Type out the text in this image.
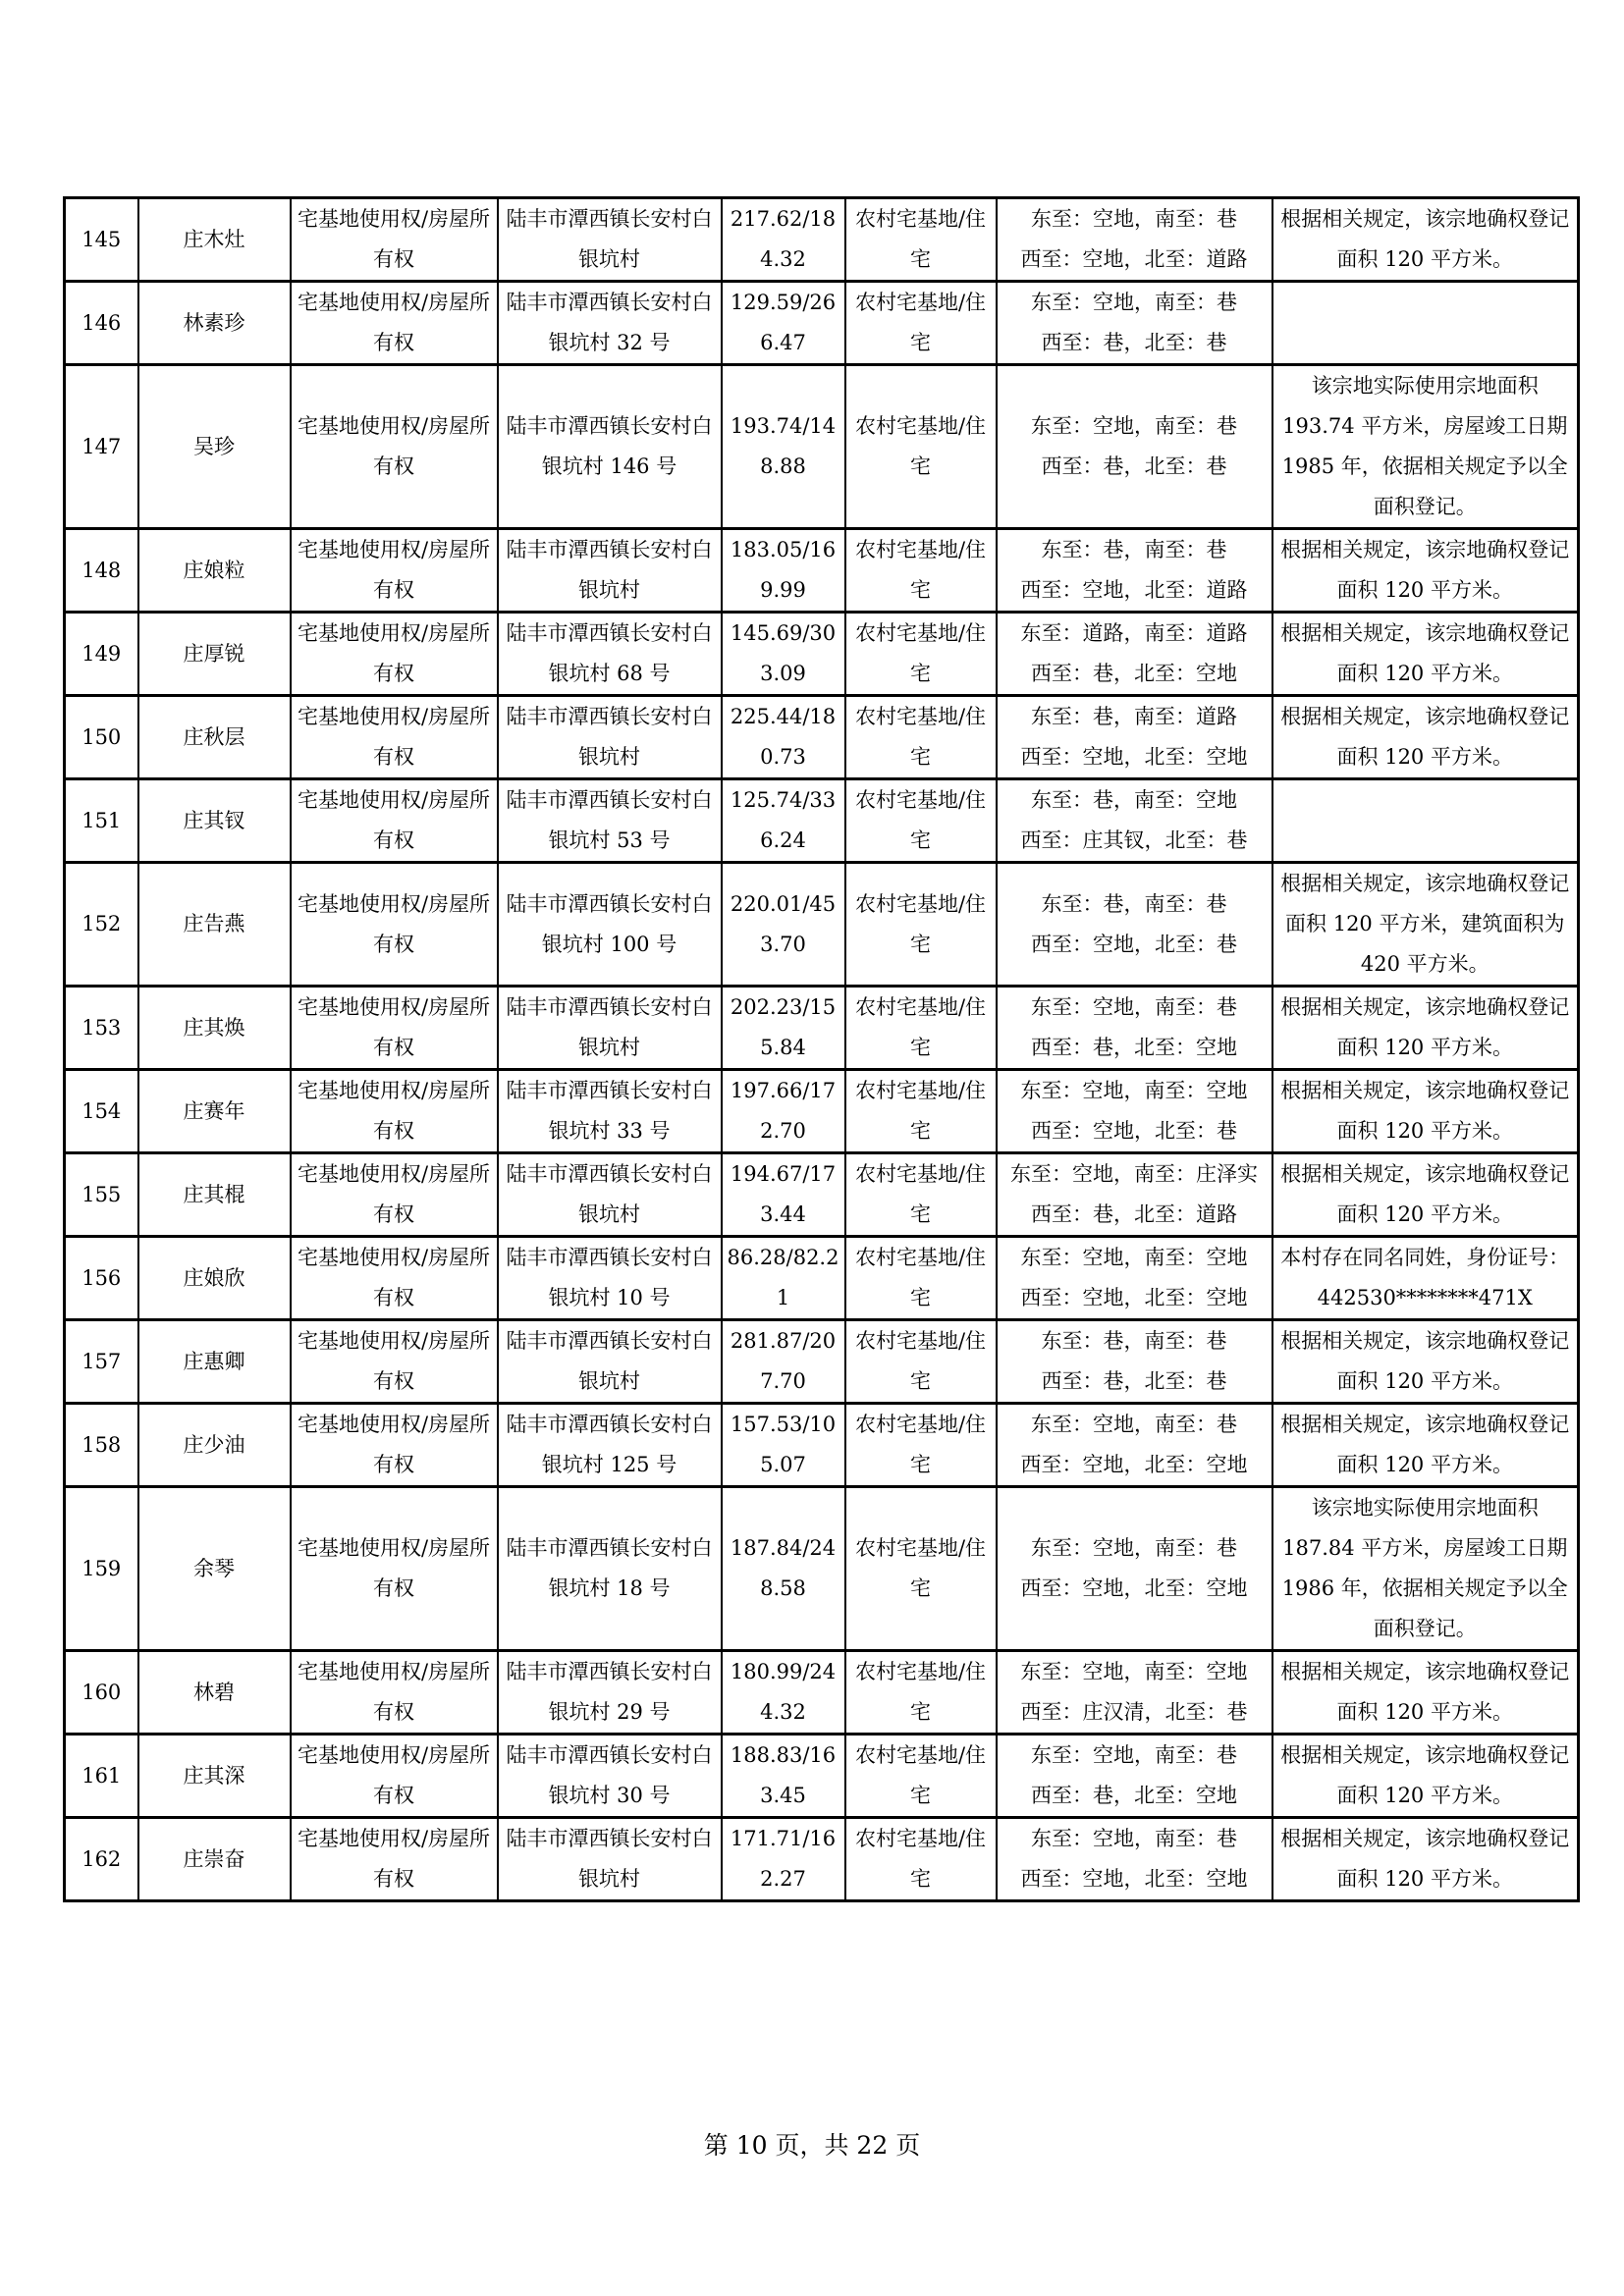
145	庄木灶	宅基地使用权/房屋所有权	陆丰市潭西镇长安村白银坑村	217.62/184.32	农村宅基地/住宅	东至：空地，南至：巷
西至：空地，北至：道路	根据相关规定，该宗地确权登记面积 120 平方米。
146	林素珍	宅基地使用权/房屋所有权	陆丰市潭西镇长安村白银坑村 32 号	129.59/266.47	农村宅基地/住宅	东至：空地，南至：巷
西至：巷，北至：巷	

147	吴珍	宅基地使用权/房屋所有权	陆丰市潭西镇长安村白银坑村 146 号	193.74/148.88	农村宅基地/住宅	东至：空地，南至：巷
西至：巷，北至：巷	该宗地实际使用宗地面积 193.74 平方米，房屋竣工日期 1985 年，依据相关规定予以全面积登记。
148	庄娘粒	宅基地使用权/房屋所有权	陆丰市潭西镇长安村白银坑村	183.05/169.99	农村宅基地/住宅	东至：巷，南至：巷
西至：空地，北至：道路	根据相关规定，该宗地确权登记面积 120 平方米。
149	庄厚锐	宅基地使用权/房屋所有权	陆丰市潭西镇长安村白银坑村 68 号	145.69/303.09	农村宅基地/住宅	东至：道路，南至：道路
西至：巷，北至：空地	根据相关规定，该宗地确权登记面积 120 平方米。
150	庄秋层	宅基地使用权/房屋所有权	陆丰市潭西镇长安村白银坑村	225.44/180.73	农村宅基地/住宅	东至：巷，南至：道路
西至：空地，北至：空地	根据相关规定，该宗地确权登记面积 120 平方米。
151	庄其钗	宅基地使用权/房屋所有权	陆丰市潭西镇长安村白银坑村 53 号	125.74/336.24	农村宅基地/住宅	东至：巷，南至：空地
西至：庄其钗，北至：巷	

152	庄告燕	宅基地使用权/房屋所有权	陆丰市潭西镇长安村白银坑村 100 号	220.01/453.70	农村宅基地/住宅	东至：巷，南至：巷
西至：空地，北至：巷	根据相关规定，该宗地确权登记面积 120 平方米，建筑面积为 420 平方米。
153	庄其焕	宅基地使用权/房屋所有权	陆丰市潭西镇长安村白银坑村	202.23/155.84	农村宅基地/住宅	东至：空地，南至：巷
西至：巷，北至：空地	根据相关规定，该宗地确权登记面积 120 平方米。
154	庄赛年	宅基地使用权/房屋所有权	陆丰市潭西镇长安村白银坑村 33 号	197.66/172.70	农村宅基地/住宅	东至：空地，南至：空地
西至：空地，北至：巷	根据相关规定，该宗地确权登记面积 120 平方米。
155	庄其棍	宅基地使用权/房屋所有权	陆丰市潭西镇长安村白银坑村	194.67/173.44	农村宅基地/住宅	东至：空地，南至：庄泽实
西至：巷，北至：道路	根据相关规定，该宗地确权登记面积 120 平方米。
156	庄娘欣	宅基地使用权/房屋所有权	陆丰市潭西镇长安村白银坑村 10 号	86.28/82.21	农村宅基地/住宅	东至：空地，南至：空地
西至：空地，北至：空地	本村存在同名同姓，身份证号：442530********471X
157	庄惠卿	宅基地使用权/房屋所有权	陆丰市潭西镇长安村白银坑村	281.87/207.70	农村宅基地/住宅	东至：巷，南至：巷
西至：巷，北至：巷	根据相关规定，该宗地确权登记面积 120 平方米。
158	庄少油	宅基地使用权/房屋所有权	陆丰市潭西镇长安村白银坑村 125 号	157.53/105.07	农村宅基地/住宅	东至：空地，南至：巷
西至：空地，北至：空地	根据相关规定，该宗地确权登记面积 120 平方米。
159	余琴	宅基地使用权/房屋所有权	陆丰市潭西镇长安村白银坑村 18 号	187.84/248.58	农村宅基地/住宅	东至：空地，南至：巷
西至：空地，北至：空地	该宗地实际使用宗地面积 187.84 平方米，房屋竣工日期 1986 年，依据相关规定予以全面积登记。
160	林碧	宅基地使用权/房屋所有权	陆丰市潭西镇长安村白银坑村 29 号	180.99/244.32	农村宅基地/住宅	东至：空地，南至：空地
西至：庄汉清，北至：巷	根据相关规定，该宗地确权登记面积 120 平方米。
161	庄其深	宅基地使用权/房屋所有权	陆丰市潭西镇长安村白银坑村 30 号	188.83/163.45	农村宅基地/住宅	东至：空地，南至：巷
西至：巷，北至：空地	根据相关规定，该宗地确权登记面积 120 平方米。
162	庄崇奋	宅基地使用权/房屋所有权	陆丰市潭西镇长安村白银坑村	171.71/162.27	农村宅基地/住宅	东至：空地，南至：巷
西至：空地，北至：空地	根据相关规定，该宗地确权登记面积 120 平方米。
第 10 页，共 22 页
